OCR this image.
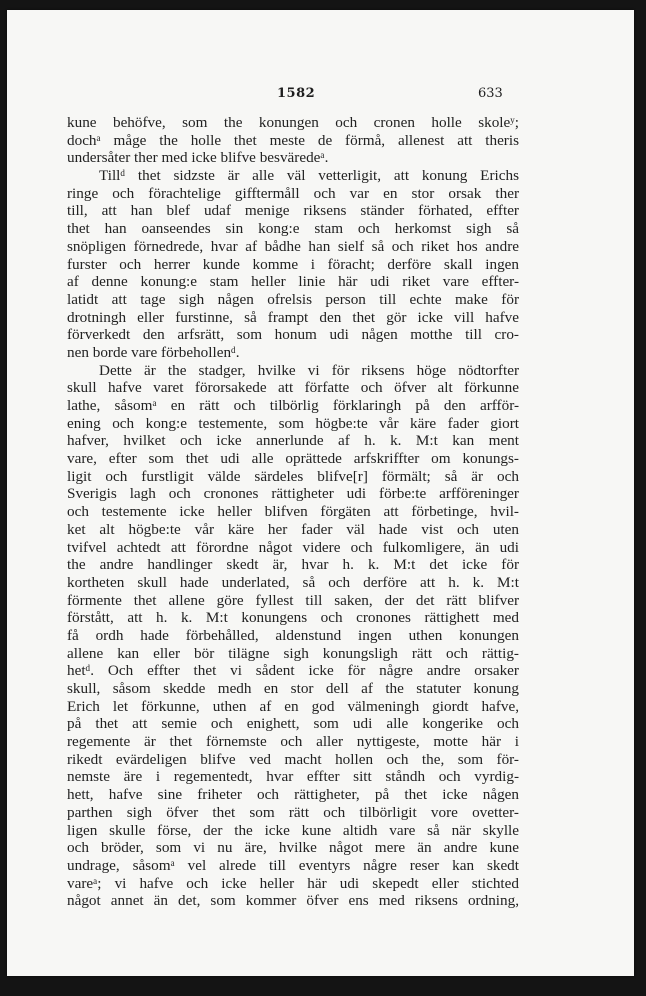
1582	633
kune behöfve, som the konungen och cronen holle skoleʸ;
dochᵃ måge the holle thet meste de förmå, allenest att theris
undersåter ther med icke blifve besväredeᵃ.
Tillᵈ thet sidzste är alle väl vetterligit, att konung Erichs
ringe och förachtelige gifftermåll och var en stor orsak ther
till, att han blef udaf menige riksens ständer förhated, effter
thet han oanseendes sin kong:e stam och herkomst sigh så
snöpligen förnedrede, hvar af bådhe han sielf så och riket hos andre
furster och herrer kunde komme i föracht; derföre skall ingen
af denne konung:e stam heller linie här udi riket vare effter-
latidt att tage sigh någen ofrelsis person till echte make för
drotningh eller furstinne, så frampt den thet gör icke vill hafve
förverkedt den arfsrätt, som honum udi någen motthe till cro-
nen borde vare förbehollenᵈ.
Dette är the stadger, hvilke vi för riksens höge nödtorfter
skull hafve varet förorsakede att författe och öfver alt förkunne
lathe, såsomᵃ en rätt och tilbörlig förklaringh på den arfför-
ening och kong:e testemente, som högbe:te vår käre fader giort
hafver, hvilket och icke annerlunde af h. k. M:t kan ment
vare, efter som thet udi alle oprättede arfskriffter om konungs-
ligit och furstligit välde särdeles blifve[r] förmält; så är och
Sverigis lagh och cronones rättigheter udi förbe:te arfföreninger
och testemente icke heller blifven förgäten att förbetinge, hvil-
ket alt högbe:te vår käre her fader väl hade vist och uten
tvifvel achtedt att förordne något videre och fulkomligere, än udi
the andre handlinger skedt är, hvar h. k. M:t det icke för
kortheten skull hade underlated, så och derföre att h. k. M:t
förmente thet allene göre fyllest till saken, der det rätt blifver
förstått, att h. k. M:t konungens och cronones rättighett med
få ordh hade förbehålled, aldenstund ingen uthen konungen
allene kan eller bör tilägne sigh konungsligh rätt och rättig-
hetᵈ. Och effter thet vi sådent icke för någre andre orsaker
skull, såsom skedde medh en stor dell af the statuter konung
Erich let förkunne, uthen af en god välmeningh giordt hafve,
på thet att semie och enighett, som udi alle kongerike och
regemente är thet förnemste och aller nyttigeste, motte här i
rikedt evärdeligen blifve ved macht hollen och the, som för-
nemste äre i regementedt, hvar effter sitt ståndh och vyrdig-
hett, hafve sine friheter och rättigheter, på thet icke någen
parthen sigh öfver thet som rätt och tilbörligit vore ovetter-
ligen skulle förse, der the icke kune altidh vare så när skylle
och bröder, som vi nu äre, hvilke något mere än andre kune
undrage, såsomᵃ vel alrede till eventyrs någre reser kan skedt
vareᵃ; vi hafve och icke heller här udi skepedt eller stichted
något annet än det, som kommer öfver ens med riksens ordning,
